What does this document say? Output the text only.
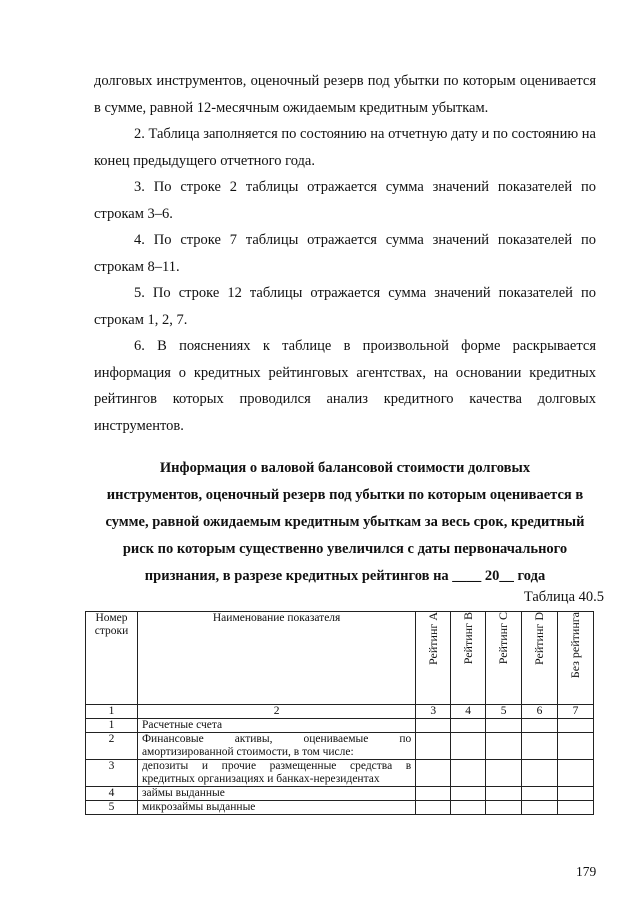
долговых инструментов, оценочный резерв под убытки по которым оценивается в сумме, равной 12-месячным ожидаемым кредитным убыткам.

2. Таблица заполняется по состоянию на отчетную дату и по состоянию на конец предыдущего отчетного года.

3. По строке 2 таблицы отражается сумма значений показателей по строкам 3–6.

4. По строке 7 таблицы отражается сумма значений показателей по строкам 8–11.

5. По строке 12 таблицы отражается сумма значений показателей по строкам 1, 2, 7.

6. В пояснениях к таблице в произвольной форме раскрывается информация о кредитных рейтинговых агентствах, на основании кредитных рейтингов которых проводился анализ кредитного качества долговых инструментов.

Информация о валовой балансовой стоимости долговых
инструментов, оценочный резерв под убытки по которым оценивается в
сумме, равной ожидаемым кредитным убыткам за весь срок, кредитный
риск по которым существенно увеличился с даты первоначального
признания, в разрезе кредитных рейтингов на ____ 20__ года
Таблица 40.5
Номер строки	Наименование показателя	Рейтинг A	Рейтинг B	Рейтинг C	Рейтинг D	Без рейтинга
1	2	3	4	5	6	7
1	Расчетные счета					
2	Финансовые активы, оцениваемые по амортизированной стоимости, в том числе:					
3	депозиты и прочие размещенные средства в кредитных организациях и банках-нерезидентах					
4	займы выданные					
5	микрозаймы выданные					
179
